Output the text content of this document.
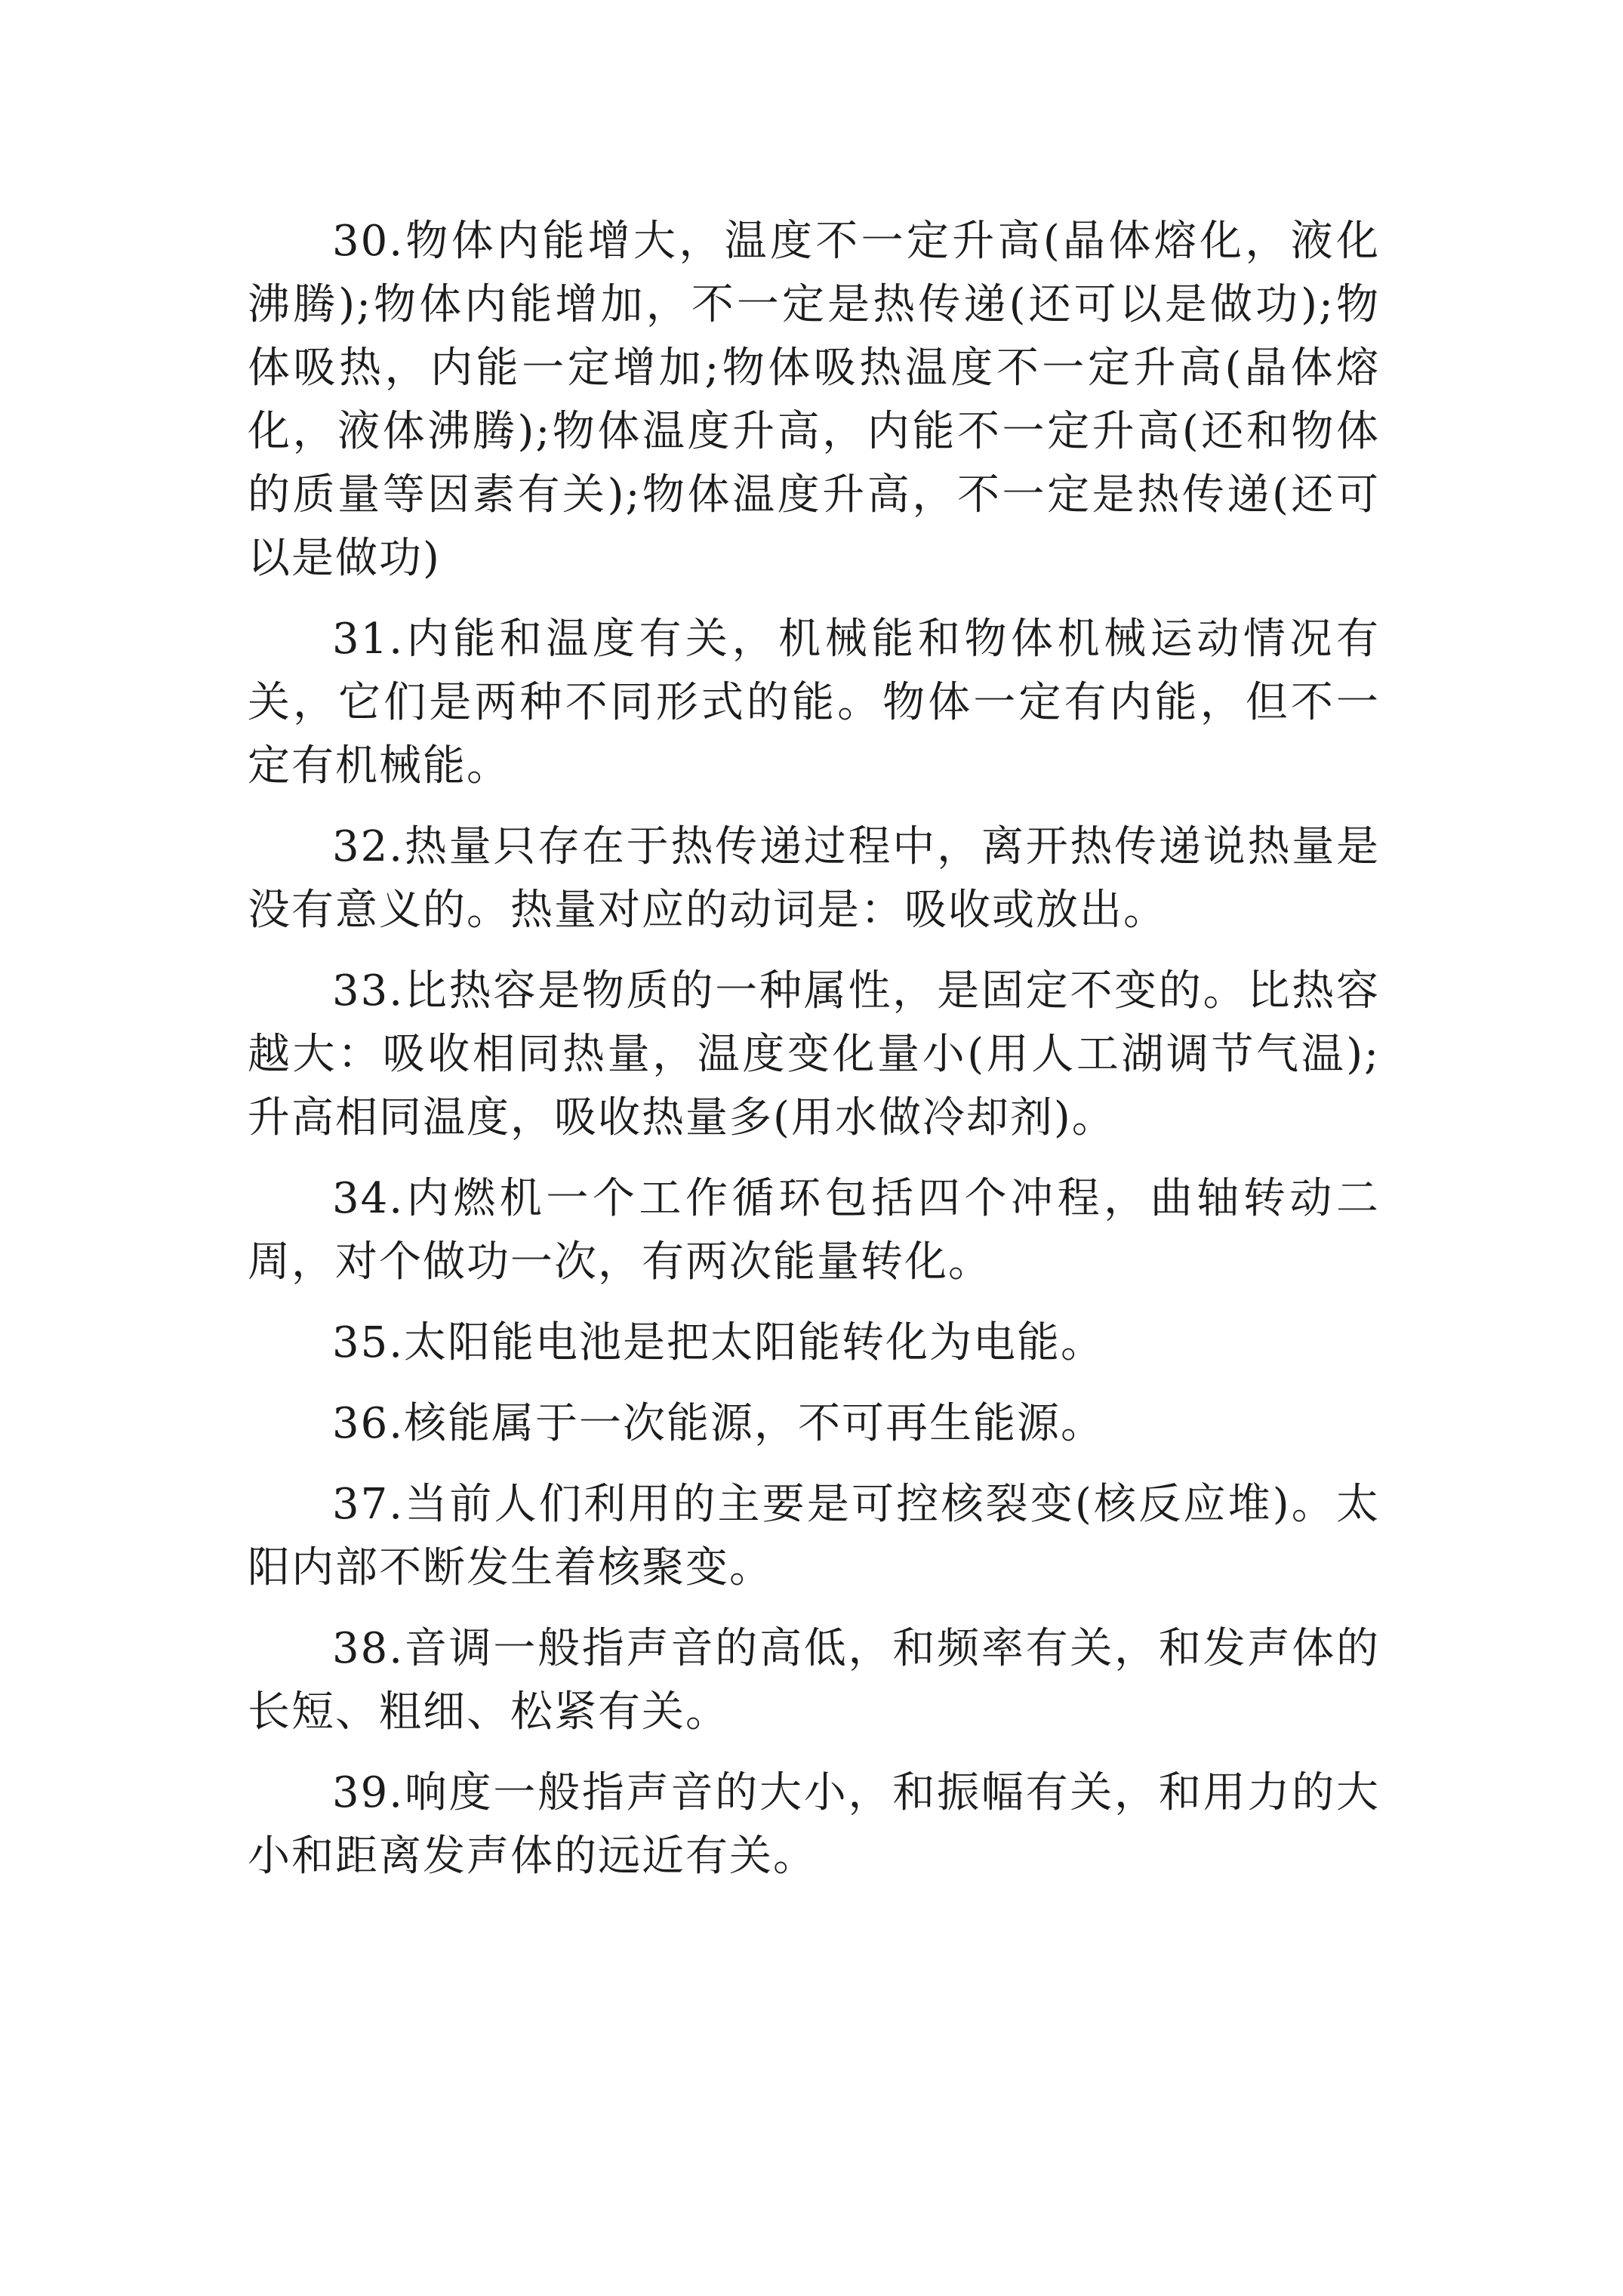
30.物体内能增大，温度不一定升高(晶体熔化，液化沸腾);物体内能增加，不一定是热传递(还可以是做功);物体吸热，内能一定增加;物体吸热温度不一定升高(晶体熔化，液体沸腾);物体温度升高，内能不一定升高(还和物体的质量等因素有关);物体温度升高，不一定是热传递(还可以是做功)

31.内能和温度有关，机械能和物体机械运动情况有关，它们是两种不同形式的能。物体一定有内能，但不一定有机械能。

32.热量只存在于热传递过程中，离开热传递说热量是没有意义的。热量对应的动词是：吸收或放出。

33.比热容是物质的一种属性，是固定不变的。比热容越大：吸收相同热量，温度变化量小(用人工湖调节气温);升高相同温度，吸收热量多(用水做冷却剂)。

34.内燃机一个工作循环包括四个冲程，曲轴转动二周，对个做功一次，有两次能量转化。

35.太阳能电池是把太阳能转化为电能。

36.核能属于一次能源，不可再生能源。

37.当前人们利用的主要是可控核裂变(核反应堆)。太阳内部不断发生着核聚变。

38.音调一般指声音的高低，和频率有关，和发声体的长短、粗细、松紧有关。

39.响度一般指声音的大小，和振幅有关，和用力的大小和距离发声体的远近有关。
